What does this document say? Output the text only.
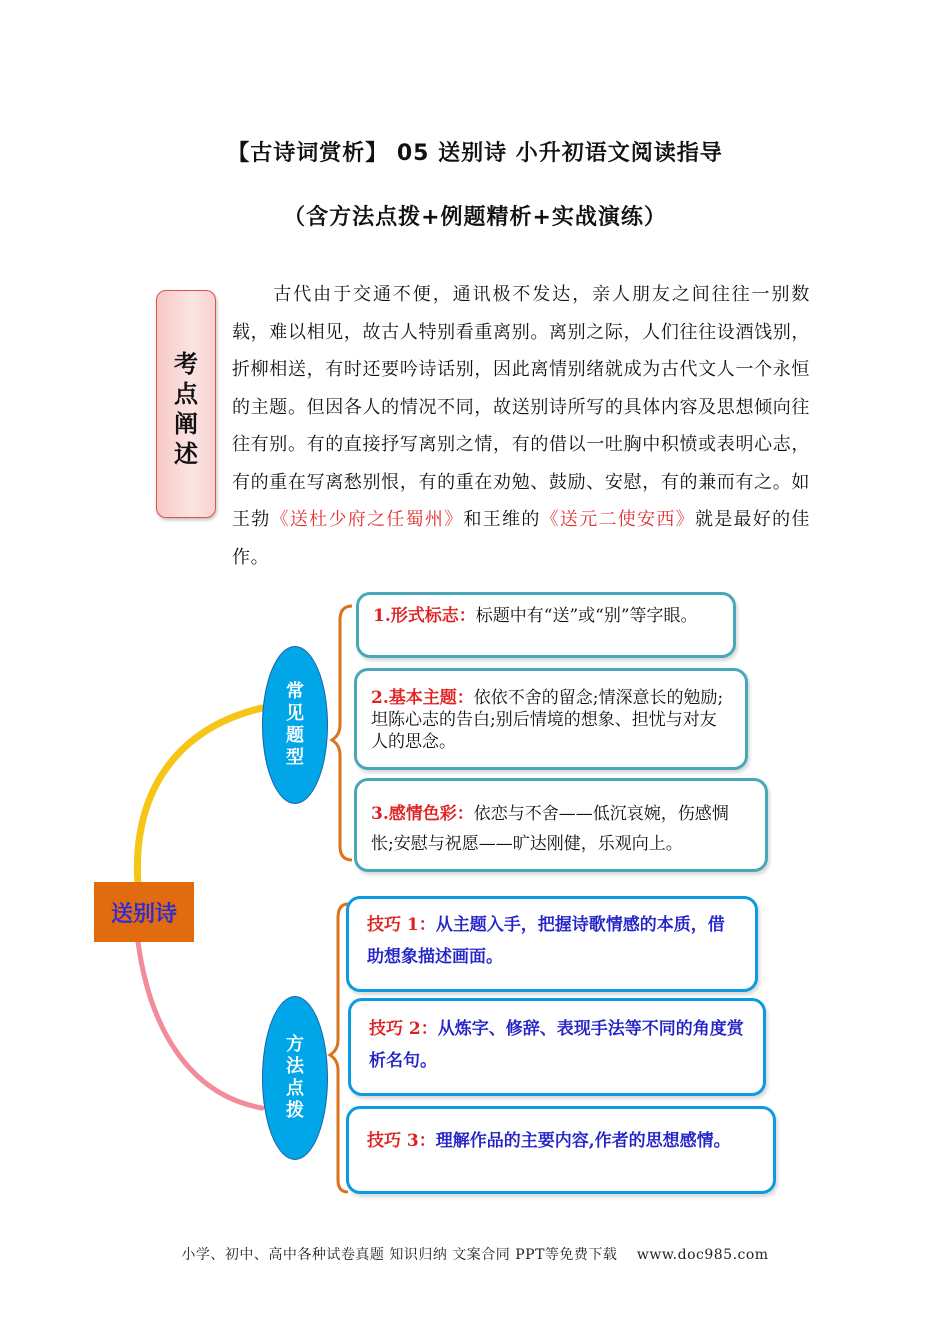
【古诗词赏析】 05 送别诗 小升初语文阅读指导
（含方法点拨+例题精析+实战演练）
考
点
阐
述
古代由于交通不便，通讯极不发达，亲人朋友之间往往一别数载，难以相见，故古人特别看重离别。离别之际，人们往往设酒饯别，折柳相送，有时还要吟诗话别，因此离情别绪就成为古代文人一个永恒的主题。但因各人的情况不同，故送别诗所写的具体内容及思想倾向往往有别。有的直接抒写离别之情，有的借以一吐胸中积愤或表明心志，有的重在写离愁别恨，有的重在劝勉、鼓励、安慰，有的兼而有之。如王勃《送杜少府之任蜀州》和王维的《送元二使安西》就是最好的佳作。
送别诗
常见题型
方法点拨
1.形式标志：标题中有“送”或“别”等字眼。
2.基本主题：依依不舍的留念;情深意长的勉励;坦陈心志的告白;别后情境的想象、担忧与对友人的思念。
3.感情色彩：依恋与不舍——低沉哀婉，伤感惆怅;安慰与祝愿——旷达刚健，乐观向上。
技巧 1：从主题入手，把握诗歌情感的本质，借助想象描述画面。
技巧 2：从炼字、修辞、表现手法等不同的角度赏析名句。
技巧 3：理解作品的主要内容,作者的思想感情。
小学、初中、高中各种试卷真题 知识归纳 文案合同 PPT等免费下载　 www.doc985.com
